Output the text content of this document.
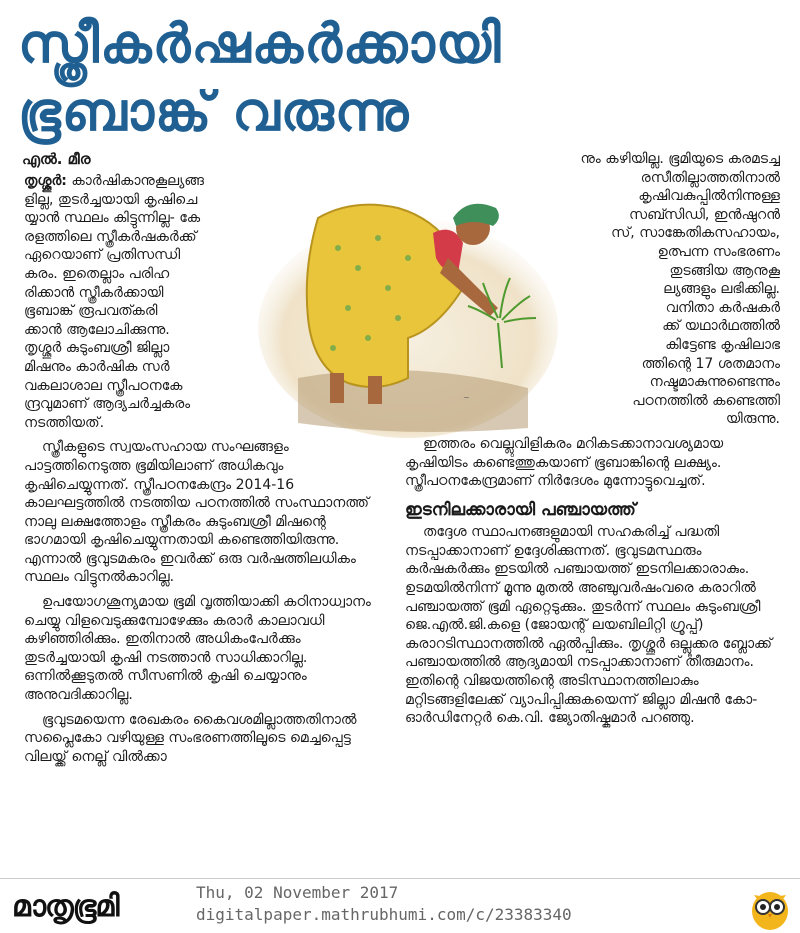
സ്ത്രീകർഷകർക്കായി
ഭൂബാങ്ക് വരുന്നു
എൽ. മീര
~

തൃശ്ശൂർ: കാർഷികാനുകൂല്യങ്ങ
ളില്ല, തുടർച്ചയായി കൃഷിചെ
യ്യാൻ സ്ഥലം കിട്ടുന്നില്ല- കേ
രളത്തിലെ സ്ത്രീകർഷകർക്ക്
ഏറെയാണ് പ്രതിസന്ധി
കരം. ഇതെല്ലാം പരിഹ
രിക്കാൻ സ്ത്രീകർക്കായി
ഭൂബാങ്ക് രൂപവത്കരി
ക്കാൻ ആലോചിക്കുന്നു.
തൃശ്ശൂർ കുടുംബശ്രീ ജില്ലാ
മിഷനും കാർഷിക സർ
വകലാശാല സ്ത്രീപഠനകേ
ന്ദ്രവുമാണ് ആദ്യചർച്ചകരം
നടത്തിയത്.

സ്ത്രീകളുടെ സ്വയംസഹായ സംഘങ്ങളം പാട്ടത്തിനെടുത്ത ഭൂമിയിലാണ് അധികവും കൃഷിചെയ്യുന്നത്. സ്ത്രീപഠനകേന്ദ്രം 2014-16 കാലഘട്ടത്തിൽ നടത്തിയ പഠനത്തിൽ സംസ്ഥാനത്ത് നാലു ലക്ഷത്തോളം സ്ത്രീകരം കുടുംബശ്രീ മിഷന്റെ ഭാഗമായി കൃഷിചെയ്യുന്നതായി കണ്ടെത്തിയിരുന്നു. എന്നാൽ ഭൂവുടമകരം ഇവർക്ക് ഒരു വർഷത്തിലധികം സ്ഥലം വിട്ടുനൽകാറില്ല.

ഉപയോഗശൂന്യമായ ഭൂമി വൃത്തിയാക്കി കഠിനാധ്വാനം ചെയ്യു വിളവെടുക്കുമ്പോഴേക്കും കരാർ കാലാവധി കഴിഞ്ഞിരിക്കും. ഇതിനാൽ അധികംപേർക്കും തുടർച്ചയായി കൃഷി നടത്താൻ സാധിക്കാറില്ല. ഒന്നിൽക്കൂടുതൽ സീസണിൽ കൃഷി ചെയ്യാനും അനുവദിക്കാറില്ല.

ഭൂവുടമയെന്ന രേഖകരം കൈവശമില്ലാത്തതിനാൽ സപ്ലൈകോ വഴിയുള്ള സംഭരണത്തിലൂടെ മെച്ചപ്പെട്ട വിലയ്ക്ക് നെല്ല് വിൽക്കാ

നും കഴിയില്ല. ഭൂമിയുടെ കരമടച്ച
രസീതില്ലാത്തതിനാൽ
കൃഷിവകുപ്പിൽനിന്നുള്ള
സബ്സിഡി, ഇൻഷുറൻ
സ്, സാങ്കേതികസഹായം,
ഉത്പന്ന സംഭരണം
തുടങ്ങിയ ആനുകൂ
ല്യങ്ങളും ലഭിക്കില്ല.
വനിതാ കർഷകർ
ക്ക് യഥാർഥത്തിൽ
കിട്ടേണ്ട കൃഷിലാഭ
ത്തിന്റെ 17 ശതമാനം
നഷ്ടമാകുന്നുണ്ടെന്നും
പഠനത്തിൽ കണ്ടെത്തി
യിരുന്നു.

ഇത്തരം വെല്ലുവിളികരം മറികടക്കാനാവശ്യമായ കൃഷിയിടം കണ്ടെത്തുകയാണ് ഭൂബാങ്കിന്റെ ലക്ഷ്യം. സ്ത്രീപഠനകേന്ദ്രമാണ് നിർദേശം മുന്നോട്ടുവെച്ചത്.

ഇടനിലക്കാരായി പഞ്ചായത്ത്

തദ്ദേശ സ്ഥാപനങ്ങളുമായി സഹകരിച്ച് പദ്ധതി നടപ്പാക്കാനാണ് ഉദ്ദേശിക്കുന്നത്. ഭൂവുടമസ്ഥരും കർഷകർക്കും ഇടയിൽ പഞ്ചായത്ത് ഇടനിലക്കാരാകും. ഉടമയിൽനിന്ന് മൂന്നു മുതൽ അഞ്ചുവർഷംവരെ കരാറിൽ പഞ്ചായത്ത് ഭൂമി ഏറ്റെടുക്കും. തുടർന്ന് സ്ഥലം കുടുംബശ്രീ ജെ.എൽ.ജി.കളെ (ജോയന്റ് ലയബിലിറ്റി ഗ്രൂപ്പ്) കരാറടിസ്ഥാനത്തിൽ ഏൽപ്പിക്കും. തൃശ്ശൂർ ഒല്ലൂക്കര ബ്ലോക്ക് പഞ്ചായത്തിൽ ആദ്യമായി നടപ്പാക്കാനാണ് തീരുമാനം. ഇതിന്റെ വിജയത്തിന്റെ അടിസ്ഥാനത്തിലാകും മറ്റിടങ്ങളിലേക്ക് വ്യാപിപ്പിക്കുകയെന്ന് ജില്ലാ മിഷൻ കോ-ഓർഡിനേറ്റർ കെ.വി. ജ്യോതിഷ്കുമാർ പറഞ്ഞു.

മാതൃഭൂമി	Thu, 02 November 2017
digitalpaper.mathrubhumi.com/c/23383340
